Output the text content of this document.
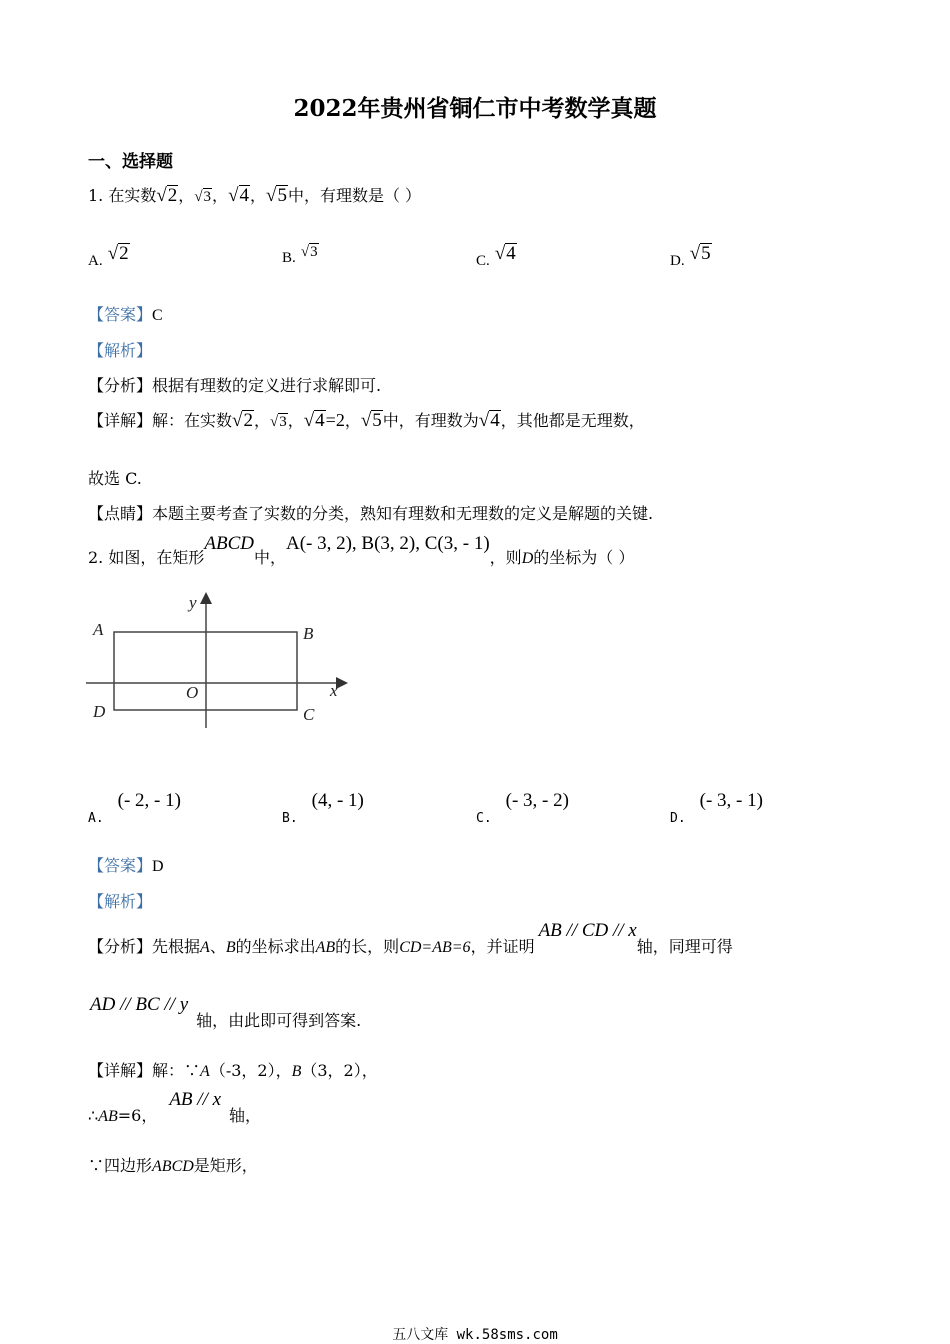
2022年贵州省铜仁市中考数学真题
一、选择题
1. 在实数√2，√3，√4，√5中，有理数是（ ）
A. √2	B. √3
C. √4	D. √5
【答案】C
【解析】
【分析】根据有理数的定义进行求解即可.
【详解】解：在实数√2，√3，√4=2，√5中，有理数为√4，其他都是无理数，
故选 C.
【点睛】本题主要考查了实数的分类，熟知有理数和无理数的定义是解题的关键.
2. 如图，在矩形ABCD中，A(- 3, 2), B(3, 2), C(3, - 1)，则D的坐标为（ ）
y
x
O
A	B
C
D
$_{A.}$(- 2, - 1)
$_{B.}$(4, - 1)
$_{C.}$(- 3, - 2)
$_{D.}$(- 3, - 1)
【答案】D
【解析】
【分析】先根据A、B的坐标求出AB的长，则CD=AB=6，并证明AB // CD // x轴，同理可得
AD // BC // y轴，由此即可得到答案.
【详解】解：∵A（-3，2），B（3，2），
∴AB=6，AB // x轴，
∵四边形ABCD是矩形，
五八文库 wk.58sms.com
